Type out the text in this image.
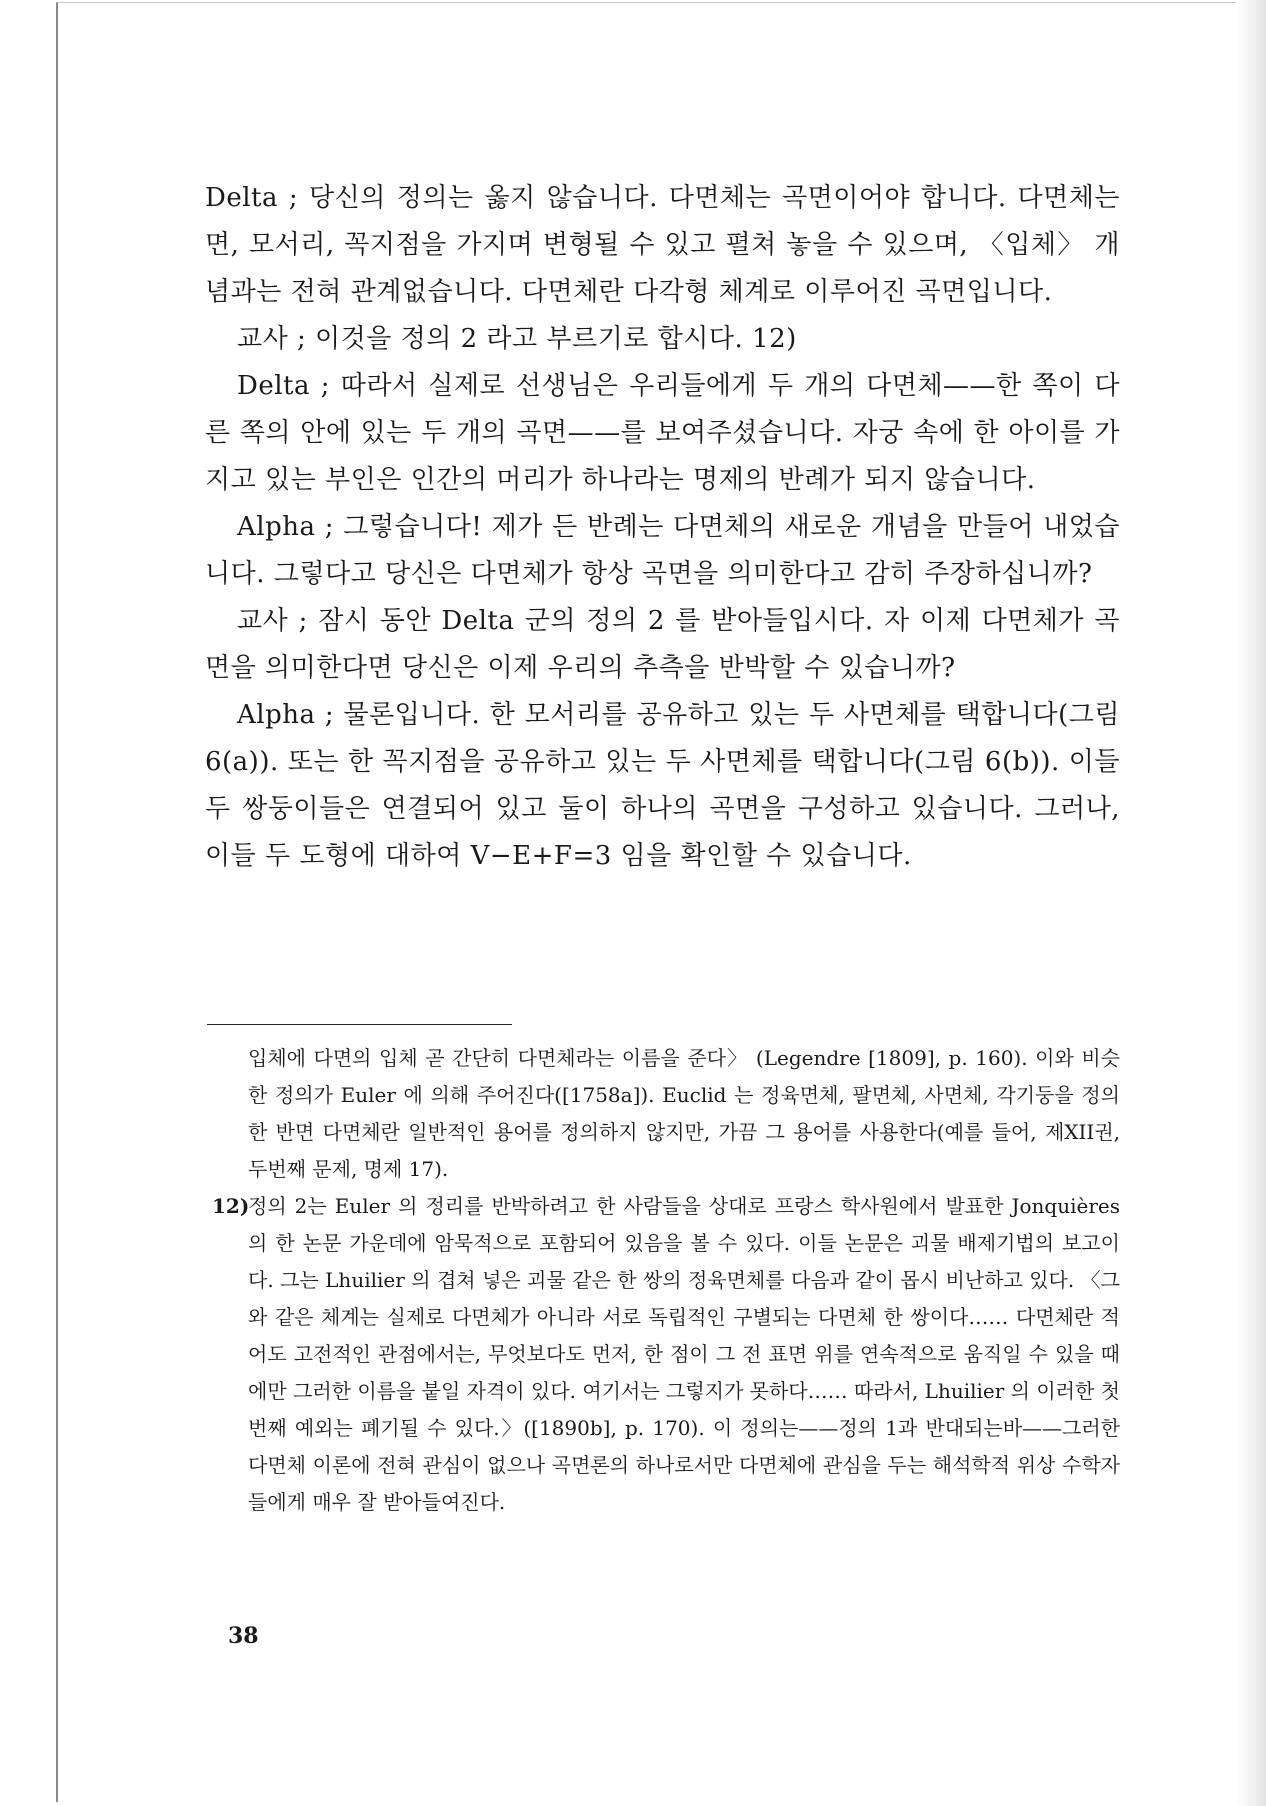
Delta ; 당신의 정의는 옳지 않습니다. 다면체는 곡면이어야 합니다. 다면체는 면, 모서리, 꼭지점을 가지며 변형될 수 있고 펼쳐 놓을 수 있으며, 〈입체〉 개념과는 전혀 관계없습니다. 다면체란 다각형 체계로 이루어진 곡면입니다.

교사 ; 이것을 정의 2 라고 부르기로 합시다. 12)

Delta ; 따라서 실제로 선생님은 우리들에게 두 개의 다면체——한 쪽이 다른 쪽의 안에 있는 두 개의 곡면——를 보여주셨습니다. 자궁 속에 한 아이를 가지고 있는 부인은 인간의 머리가 하나라는 명제의 반례가 되지 않습니다.

Alpha ; 그렇습니다! 제가 든 반례는 다면체의 새로운 개념을 만들어 내었습니다. 그렇다고 당신은 다면체가 항상 곡면을 의미한다고 감히 주장하십니까?

교사 ; 잠시 동안 Delta 군의 정의 2 를 받아들입시다. 자 이제 다면체가 곡면을 의미한다면 당신은 이제 우리의 추측을 반박할 수 있습니까?

Alpha ; 물론입니다. 한 모서리를 공유하고 있는 두 사면체를 택합니다(그림 6(a)). 또는 한 꼭지점을 공유하고 있는 두 사면체를 택합니다(그림 6(b)). 이들 두 쌍둥이들은 연결되어 있고 둘이 하나의 곡면을 구성하고 있습니다. 그러나, 이들 두 도형에 대하여 V−E+F=3 임을 확인할 수 있습니다.

입체에 다면의 입체 곧 간단히 다면체라는 이름을 준다〉 (Legendre [1809], p. 160). 이와 비슷한 정의가 Euler 에 의해 주어진다([1758a]). Euclid 는 정육면체, 팔면체, 사면체, 각기둥을 정의한 반면 다면체란 일반적인 용어를 정의하지 않지만, 가끔 그 용어를 사용한다(예를 들어, 제XII권, 두번째 문제, 명제 17).

12)

정의 2는 Euler 의 정리를 반박하려고 한 사람들을 상대로 프랑스 학사원에서 발표한 Jonquières 의 한 논문 가운데에 암묵적으로 포함되어 있음을 볼 수 있다. 이들 논문은 괴물 배제기법의 보고이다. 그는 Lhuilier 의 겹쳐 넣은 괴물 같은 한 쌍의 정육면체를 다음과 같이 몹시 비난하고 있다. 〈그와 같은 체계는 실제로 다면체가 아니라 서로 독립적인 구별되는 다면체 한 쌍이다…… 다면체란 적어도 고전적인 관점에서는, 무엇보다도 먼저, 한 점이 그 전 표면 위를 연속적으로 움직일 수 있을 때에만 그러한 이름을 붙일 자격이 있다. 여기서는 그렇지가 못하다…… 따라서, Lhuilier 의 이러한 첫번째 예외는 폐기될 수 있다.〉([1890b], p. 170). 이 정의는——정의 1과 반대되는바——그러한 다면체 이론에 전혀 관심이 없으나 곡면론의 하나로서만 다면체에 관심을 두는 해석학적 위상 수학자들에게 매우 잘 받아들여진다.

38
